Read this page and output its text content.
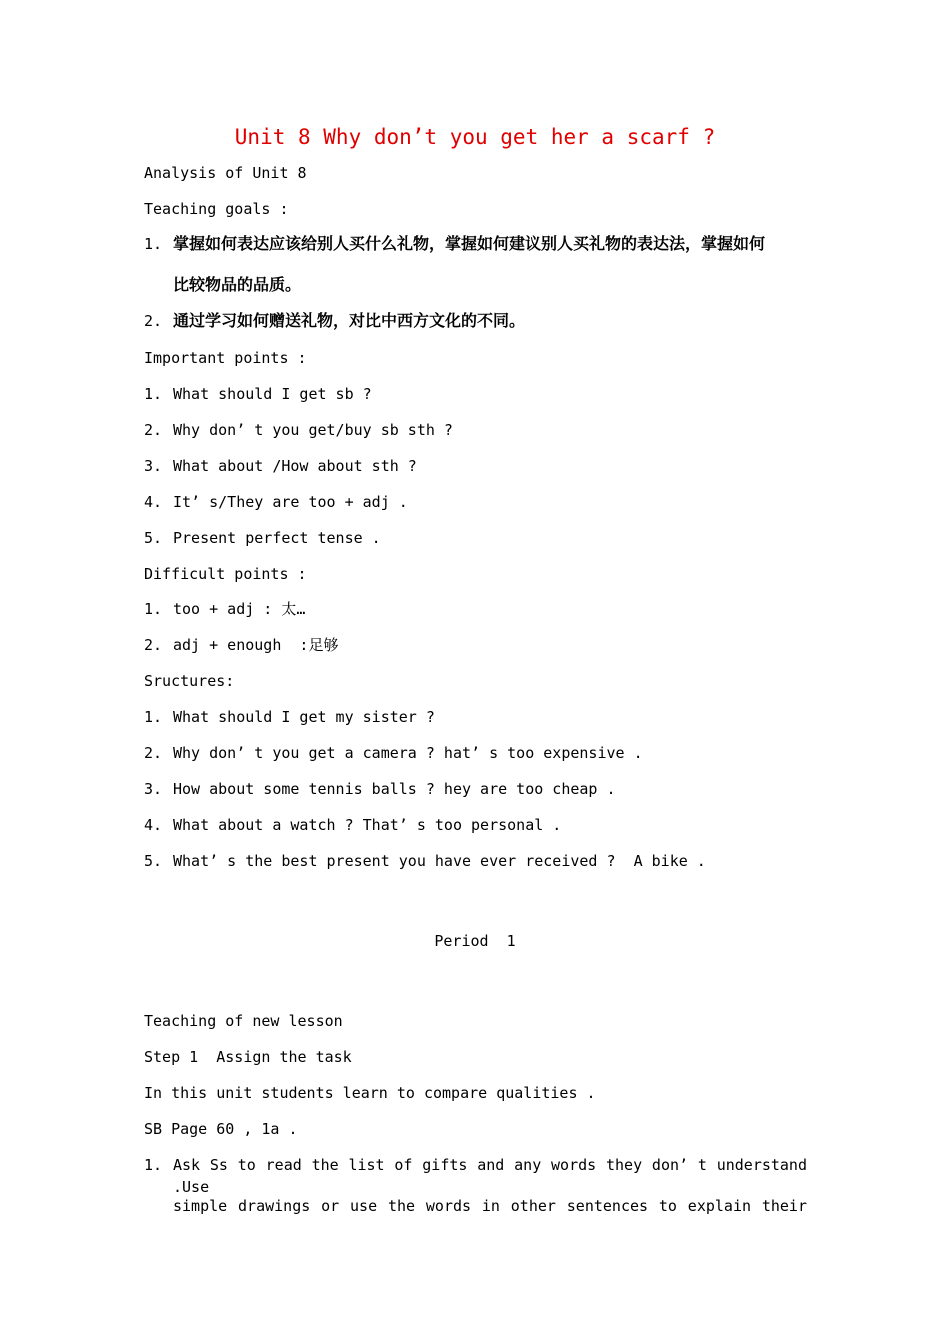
Unit 8 Why don’t you get her a scarf ?
Analysis of Unit 8
Teaching goals :

1.

掌握如何表达应该给别人买什么礼物，掌握如何建议别人买礼物的表达法，掌握如何

比较物品的品质。

2.

通过学习如何赠送礼物，对比中西方文化的不同。

Important points :
1. What should I get sb ?
2. Why don’ t you get/buy sb sth ?
3. What about /How about sth ?
4. It’ s/They are too + adj .
5. Present perfect tense .
Difficult points :
1. too + adj : 太…
2. adj + enough  :足够
Sructures:
1. What should I get my sister ?
2. Why don’ t you get a camera ? hat’ s too expensive .
3. How about some tennis balls ? hey are too cheap .
4. What about a watch ? That’ s too personal .
5. What’ s the best present you have ever received ?  A bike .
Period  1
Teaching of new lesson
Step 1  Assign the task
In this unit students learn to compare qualities .
SB Page 60 , 1a .

1.

Ask Ss to read the list of gifts and any words they don’ t understand .Use
simple drawings or use the words in other sentences to explain their
